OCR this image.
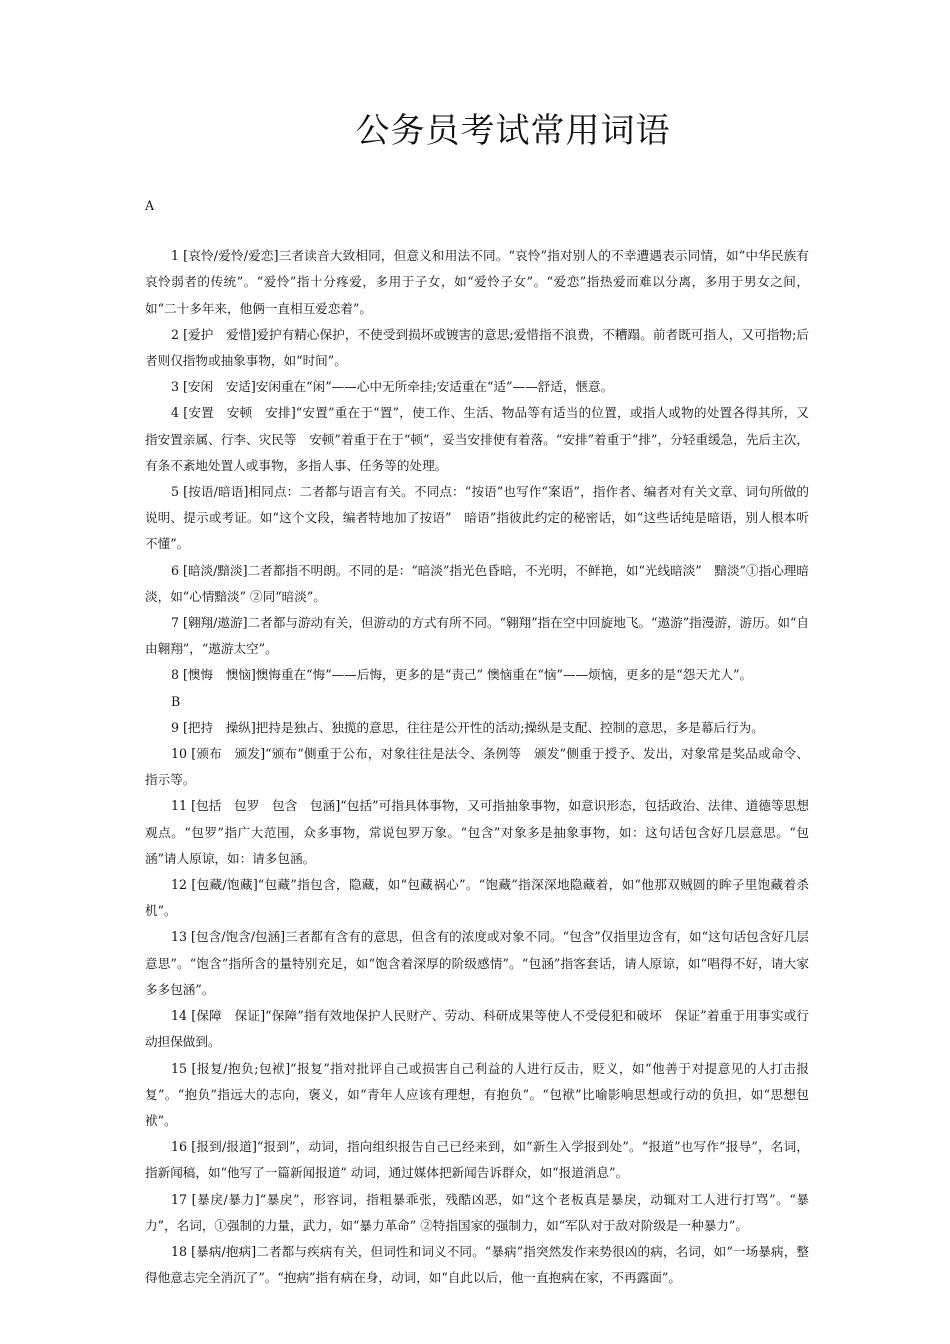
公务员考试常用词语

A

1 [哀怜/爱怜/爱恋]三者读音大致相同，但意义和用法不同。“哀怜”指对别人的不幸遭遇表示同情，如“中华民族有哀怜弱者的传统”。“爱怜”指十分疼爱，多用于子女，如“爱怜子女”。“爱恋”指热爱而难以分离，多用于男女之间，如“二十多年来，他俩一直相互爱恋着”。

2 [爱护　爱惜]爱护有精心保护，不使受到损坏或镀害的意思;爱惜指不浪费，不糟蹋。前者既可指人，又可指物;后者则仅指物或抽象事物，如“时间”。

3 [安闲　安适]安闲重在“闲”——心中无所牵挂;安适重在“适”——舒适，惬意。

4 [安置　安顿　安排]“安置”重在于“置”，使工作、生活、物品等有适当的位置，或指人或物的处置各得其所，又指安置亲属、行李、灾民等　安顿”着重于在于“顿”，妥当安排使有着落。“安排”着重于“排”，分轻重缓急，先后主次，有条不紊地处置人或事物，多指人事、任务等的处理。

5 [按语/暗语]相同点：二者都与语言有关。不同点：“按语”也写作“案语”，指作者、编者对有关文章、词句所做的说明、提示或考证。如“这个文段，编者特地加了按语”　暗语”指彼此约定的秘密话，如“这些话纯是暗语，别人根本听不懂”。

6 [暗淡/黯淡]二者都指不明朗。不同的是：“暗淡”指光色昏暗，不光明，不鲜艳，如“光线暗淡”　黯淡”①指心理暗淡，如“心情黯淡” ②同“暗淡”。

7 [翱翔/遨游]二者都与游动有关，但游动的方式有所不同。“翱翔”指在空中回旋地飞。“遨游”指漫游，游历。如“自由翱翔”，“遨游太空”。

8 [懊悔　懊恼]懊悔重在“悔”——后悔，更多的是“责己” 懊恼重在“恼”——烦恼，更多的是“怨天尤人”。

B

9 [把持　操纵]把持是独占、独揽的意思，往往是公开性的活动;操纵是支配、控制的意思，多是幕后行为。

10 [颁布　颁发]“颁布”侧重于公布，对象往往是法令、条例等　颁发”侧重于授予、发出，对象常是奖品或命令、指示等。

11 [包括　包罗　包含　包涵]“包括”可指具体事物，又可指抽象事物，如意识形态，包括政治、法律、道德等思想观点。“包罗”指广大范围，众多事物，常说包罗万象。“包含”对象多是抽象事物，如：这句话包含好几层意思。“包涵”请人原谅，如：请多包涵。

12 [包藏/饱藏]“包藏”指包含，隐藏，如“包藏祸心”。“饱藏”指深深地隐藏着，如“他那双贼圆的眸子里饱藏着杀机”。

13 [包含/饱含/包涵]三者都有含有的意思，但含有的浓度或对象不同。“包含”仅指里边含有，如“这句话包含好几层意思”。“饱含”指所含的量特别充足，如“饱含着深厚的阶级感情”。“包涵”指客套话，请人原谅，如“唱得不好，请大家多多包涵”。

14 [保障　保证]“保障”指有效地保护人民财产、劳动、科研成果等使人不受侵犯和破坏　保证”着重于用事实或行动担保做到。

15 [报复/抱负;包袱]“报复”指对批评自己或损害自己利益的人进行反击，贬义，如“他善于对提意见的人打击报复”。“抱负”指远大的志向，褒义，如“青年人应该有理想，有抱负”。“包袱”比喻影响思想或行动的负担，如“思想包袱”。

16 [报到/报道]“报到”，动词，指向组织报告自己已经来到，如“新生入学报到处”。“报道”也写作“报导”，名词，指新闻稿，如“他写了一篇新闻报道” 动词，通过媒体把新闻告诉群众，如“报道消息”。

17 [暴戾/暴力]“暴戾”，形容词，指粗暴乖张，残酷凶恶，如“这个老板真是暴戾，动辄对工人进行打骂”。“暴力”，名词，①强制的力量，武力，如“暴力革命” ②特指国家的强制力，如“军队对于敌对阶级是一种暴力”。

18 [暴病/抱病]二者都与疾病有关，但词性和词义不同。“暴病”指突然发作来势很凶的病，名词，如“一场暴病，整得他意志完全消沉了”。“抱病”指有病在身，动词，如“自此以后，他一直抱病在家，不再露面”。
